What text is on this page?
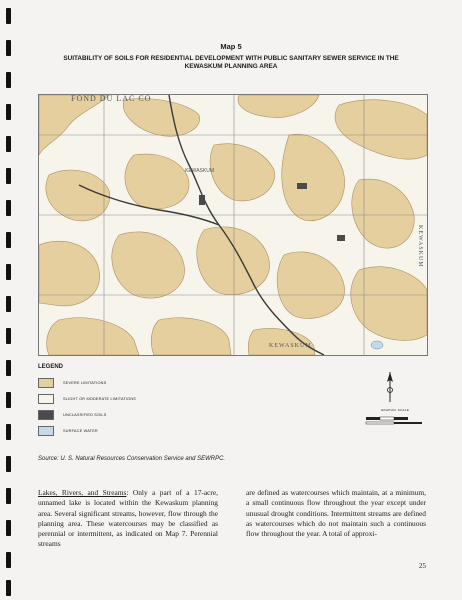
Map 5
SUITABILITY OF SOILS FOR RESIDENTIAL DEVELOPMENT WITH PUBLIC SANITARY SEWER SERVICE IN THE KEWASKUM PLANNING AREA
FOND DU LAC CO
KEWASKUM
KEWASKUM
KEWASKUM
LEGEND
SEVERE LIMITATIONS
SLIGHT OR MODERATE LIMITATIONS
UNCLASSIFIED SOILS
SURFACE WATER
GRAPHIC SCALE
Source: U. S. Natural Resources Conservation Service and SEWRPC.
Lakes, Rivers, and Streams: Only a part of a 17-acre, unnamed lake is located within the Kewaskum planning area. Several significant streams, however, flow through the planning area. These watercourses may be classified as perennial or intermittent, as indicated on Map 7. Perennial streams
are defined as watercourses which maintain, at a minimum, a small continuous flow throughout the year except under unusual drought conditions. Intermittent streams are defined as watercourses which do not maintain such a continuous flow throughout the year. A total of approxi-
25
